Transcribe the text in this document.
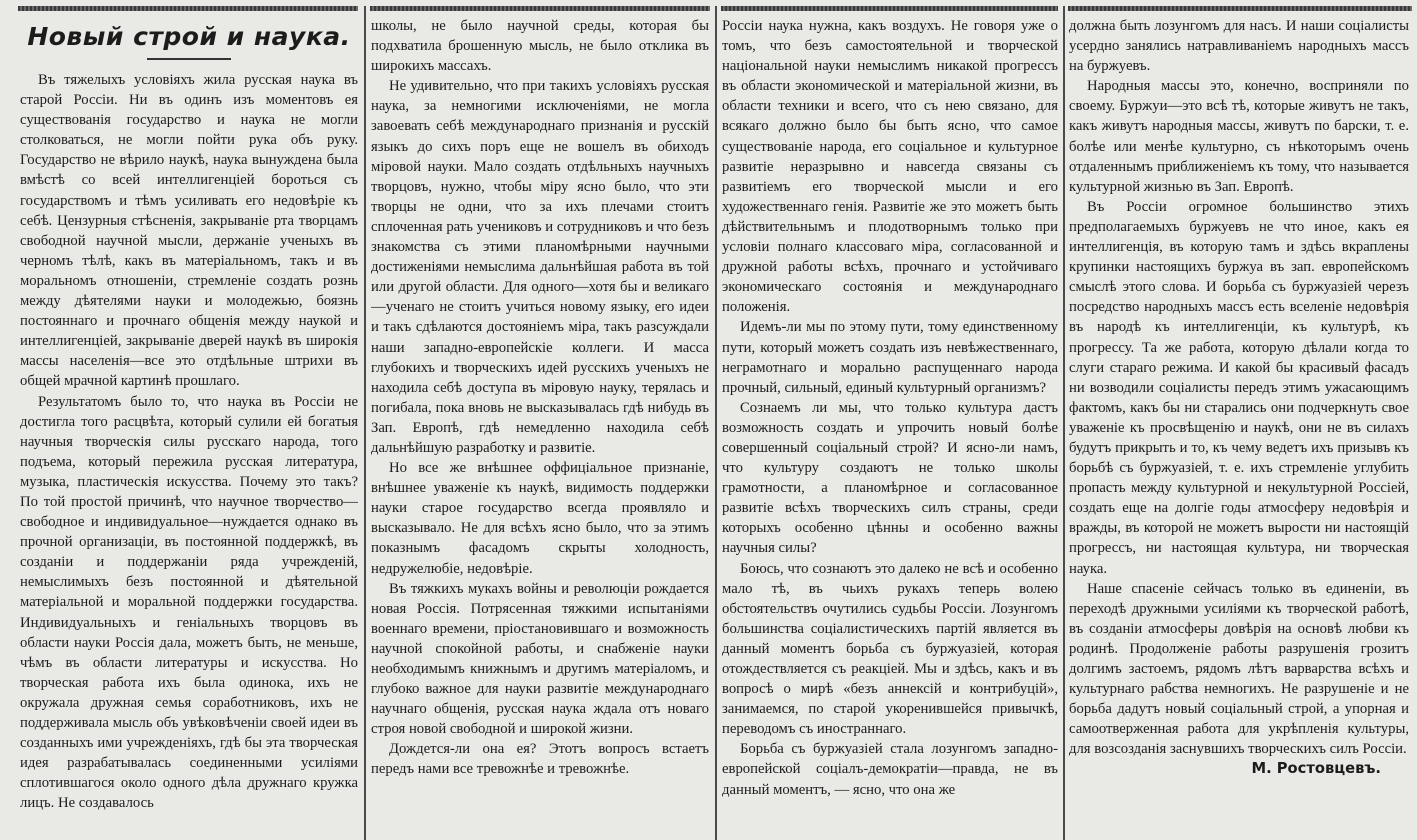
Новый строй и наука.

Въ тяжелыхъ условіяхъ жила русская наука въ старой Россіи. Ни въ одинъ изъ моментовъ ея существованія государство и наука не могли столковаться, не могли пойти рука объ руку. Государство не вѣрило наукѣ, наука вынуждена была вмѣстѣ со всей интеллигенціей бороться съ государствомъ и тѣмъ усиливать его недовѣріе къ себѣ. Цензурныя стѣсненія, закрываніе рта творцамъ свободной научной мысли, держаніе ученыхъ въ черномъ тѣлѣ, какъ въ матеріальномъ, такъ и въ моральномъ отношеніи, стремленіе создать рознь между дѣятелями науки и молодежью, боязнь постояннаго и прочнаго общенія между наукой и интеллигенціей, закрываніе дверей наукѣ въ широкія массы населенія—все это отдѣльные штрихи въ общей мрачной картинѣ прошлаго.

Результатомъ было то, что наука въ Россіи не достигла того расцвѣта, который сулили ей богатыя научныя творческія силы русскаго народа, того подъема, который пережила русская литература, музыка, пластическія искусства. Почему это такъ? По той простой причинѣ, что научное творчество—свободное и индивидуальное—нуждается однако въ прочной организаціи, въ постоянной поддержкѣ, въ созданіи и поддержаніи ряда учрежденій, немыслимыхъ безъ постоянной и дѣятельной матеріальной и моральной поддержки государства. Индивидуальныхъ и геніальныхъ творцовъ въ области науки Россія дала, можетъ быть, не меньше, чѣмъ въ области литературы и искусства. Но творческая работа ихъ была одинока, ихъ не окружала дружная семья соработниковъ, ихъ не поддерживала мысль объ увѣковѣченіи своей идеи въ созданныхъ ими учрежденіяхъ, гдѣ бы эта творческая идея разрабатывалась соединенными усиліями сплотившагося около одного дѣла дружнаго кружка лицъ. Не создавалось

школы, не было научной среды, которая бы подхватила брошенную мысль, не было отклика въ широкихъ массахъ.

Не удивительно, что при такихъ условіяхъ русская наука, за немногими исключеніями, не могла завоевать себѣ международнаго признанія и русскій языкъ до сихъ поръ еще не вошелъ въ обиходъ міровой науки. Мало создать отдѣльныхъ научныхъ творцовъ, нужно, чтобы міру ясно было, что эти творцы не одни, что за ихъ плечами стоитъ сплоченная рать учениковъ и сотрудниковъ и что безъ знакомства съ этими планомѣрными научными достиженіями немыслима дальнѣйшая работа въ той или другой области. Для одного—хотя бы и великаго—ученаго не стоитъ учиться новому языку, его идеи и такъ сдѣлаются достояніемъ міра, такъ разсуждали наши западно-европейскіе коллеги. И масса глубокихъ и творческихъ идей русскихъ ученыхъ не находила себѣ доступа въ міровую науку, терялась и погибала, пока вновь не высказывалась гдѣ нибудь въ Зап. Европѣ, гдѣ немедленно находила себѣ дальнѣйшую разработку и развитіе.

Но все же внѣшнее оффиціальное признаніе, внѣшнее уваженіе къ наукѣ, видимость поддержки науки старое государство всегда проявляло и высказывало. Не для всѣхъ ясно было, что за этимъ показнымъ фасадомъ скрыты холодность, недружелюбіе, недовѣріе.

Въ тяжкихъ мукахъ войны и революціи рождается новая Россія. Потрясенная тяжкими испытаніями военнаго времени, пріостановившаго и возможность научной спокойной работы, и снабженіе науки необходимымъ книжнымъ и другимъ матеріаломъ, и глубоко важное для науки развитіе международнаго научнаго общенія, русская наука ждала отъ новаго строя новой свободной и широкой жизни.

Дождется-ли она ея? Этотъ вопросъ встаетъ передъ нами все тревожнѣе и тревожнѣе.

Россіи наука нужна, какъ воздухъ. Не говоря уже о томъ, что безъ самостоятельной и творческой національной науки немыслимъ никакой прогрессъ въ области экономической и матеріальной жизни, въ области техники и всего, что съ нею связано, для всякаго должно было бы быть ясно, что самое существованіе народа, его соціальное и культурное развитіе неразрывно и навсегда связаны съ развитіемъ его творческой мысли и его художественнаго генія. Развитіе же это можетъ быть дѣйствительнымъ и плодотворнымъ только при условіи полнаго классоваго міра, согласованной и дружной работы всѣхъ, прочнаго и устойчиваго экономическаго состоянія и международнаго положенія.

Идемъ-ли мы по этому пути, тому единственному пути, который можетъ создать изъ невѣжественнаго, неграмотнаго и морально распущеннаго народа прочный, сильный, единый культурный организмъ?

Сознаемъ ли мы, что только культура дастъ возможность создать и упрочить новый болѣе совершенный соціальный строй? И ясно-ли намъ, что культуру создаютъ не только школы грамотности, а планомѣрное и согласованное развитіе всѣхъ творческихъ силъ страны, среди которыхъ особенно цѣнны и особенно важны научныя силы?

Боюсь, что сознаютъ это далеко не всѣ и особенно мало тѣ, въ чьихъ рукахъ теперь волею обстоятельствъ очутились судьбы Россіи. Лозунгомъ большинства соціалистическихъ партій является въ данный моментъ борьба съ буржуазіей, которая отождествляется съ реакціей. Мы и здѣсь, какъ и въ вопросѣ о мирѣ «безъ аннексій и контрибуцій», занимаемся, по старой укоренившейся привычкѣ, переводомъ съ иностраннаго.

Борьба съ буржуазіей стала лозунгомъ западно-европейской соціалъ-демократіи—правда, не въ данный моментъ, — ясно, что она же

должна быть лозунгомъ для насъ. И наши соціалисты усердно занялись натравливаніемъ народныхъ массъ на буржуевъ.

Народныя массы это, конечно, восприняли по своему. Буржуи—это всѣ тѣ, которые живутъ не такъ, какъ живутъ народныя массы, живутъ по барски, т. е. болѣе или менѣе культурно, съ нѣкоторымъ очень отдаленнымъ приближеніемъ къ тому, что называется культурной жизнью въ Зап. Европѣ.

Въ Россіи огромное большинство этихъ предполагаемыхъ буржуевъ не что иное, какъ ея интеллигенція, въ которую тамъ и здѣсь вкраплены крупинки настоящихъ буржуа въ зап. европейскомъ смыслѣ этого слова. И борьба съ буржуазіей черезъ посредство народныхъ массъ есть вселеніе недовѣрія въ народѣ къ интеллигенціи, къ культурѣ, къ прогрессу. Та же работа, которую дѣлали когда то слуги стараго режима. И какой бы красивый фасадъ ни возводили соціалисты передъ этимъ ужасающимъ фактомъ, какъ бы ни старались они подчеркнуть свое уваженіе къ просвѣщенію и наукѣ, они не въ силахъ будутъ прикрыть и то, къ чему ведетъ ихъ призывъ къ борьбѣ съ буржуазіей, т. е. ихъ стремленіе углубить пропасть между культурной и некультурной Россіей, создать еще на долгіе годы атмосферу недовѣрія и вражды, въ которой не можетъ вырости ни настоящій прогрессъ, ни настоящая культура, ни творческая наука.

Наше спасеніе сейчасъ только въ единеніи, въ переходѣ дружными усиліями къ творческой работѣ, въ созданіи атмосферы довѣрія на основѣ любви къ родинѣ. Продолженіе работы разрушенія грозитъ долгимъ застоемъ, рядомъ лѣтъ варварства всѣхъ и культурнаго рабства немногихъ. Не разрушеніе и не борьба дадутъ новый соціальный строй, а упорная и самоотверженная работа для укрѣпленія культуры, для возсозданія заснувшихъ творческихъ силъ Россіи.

М. Ростовцевъ.
